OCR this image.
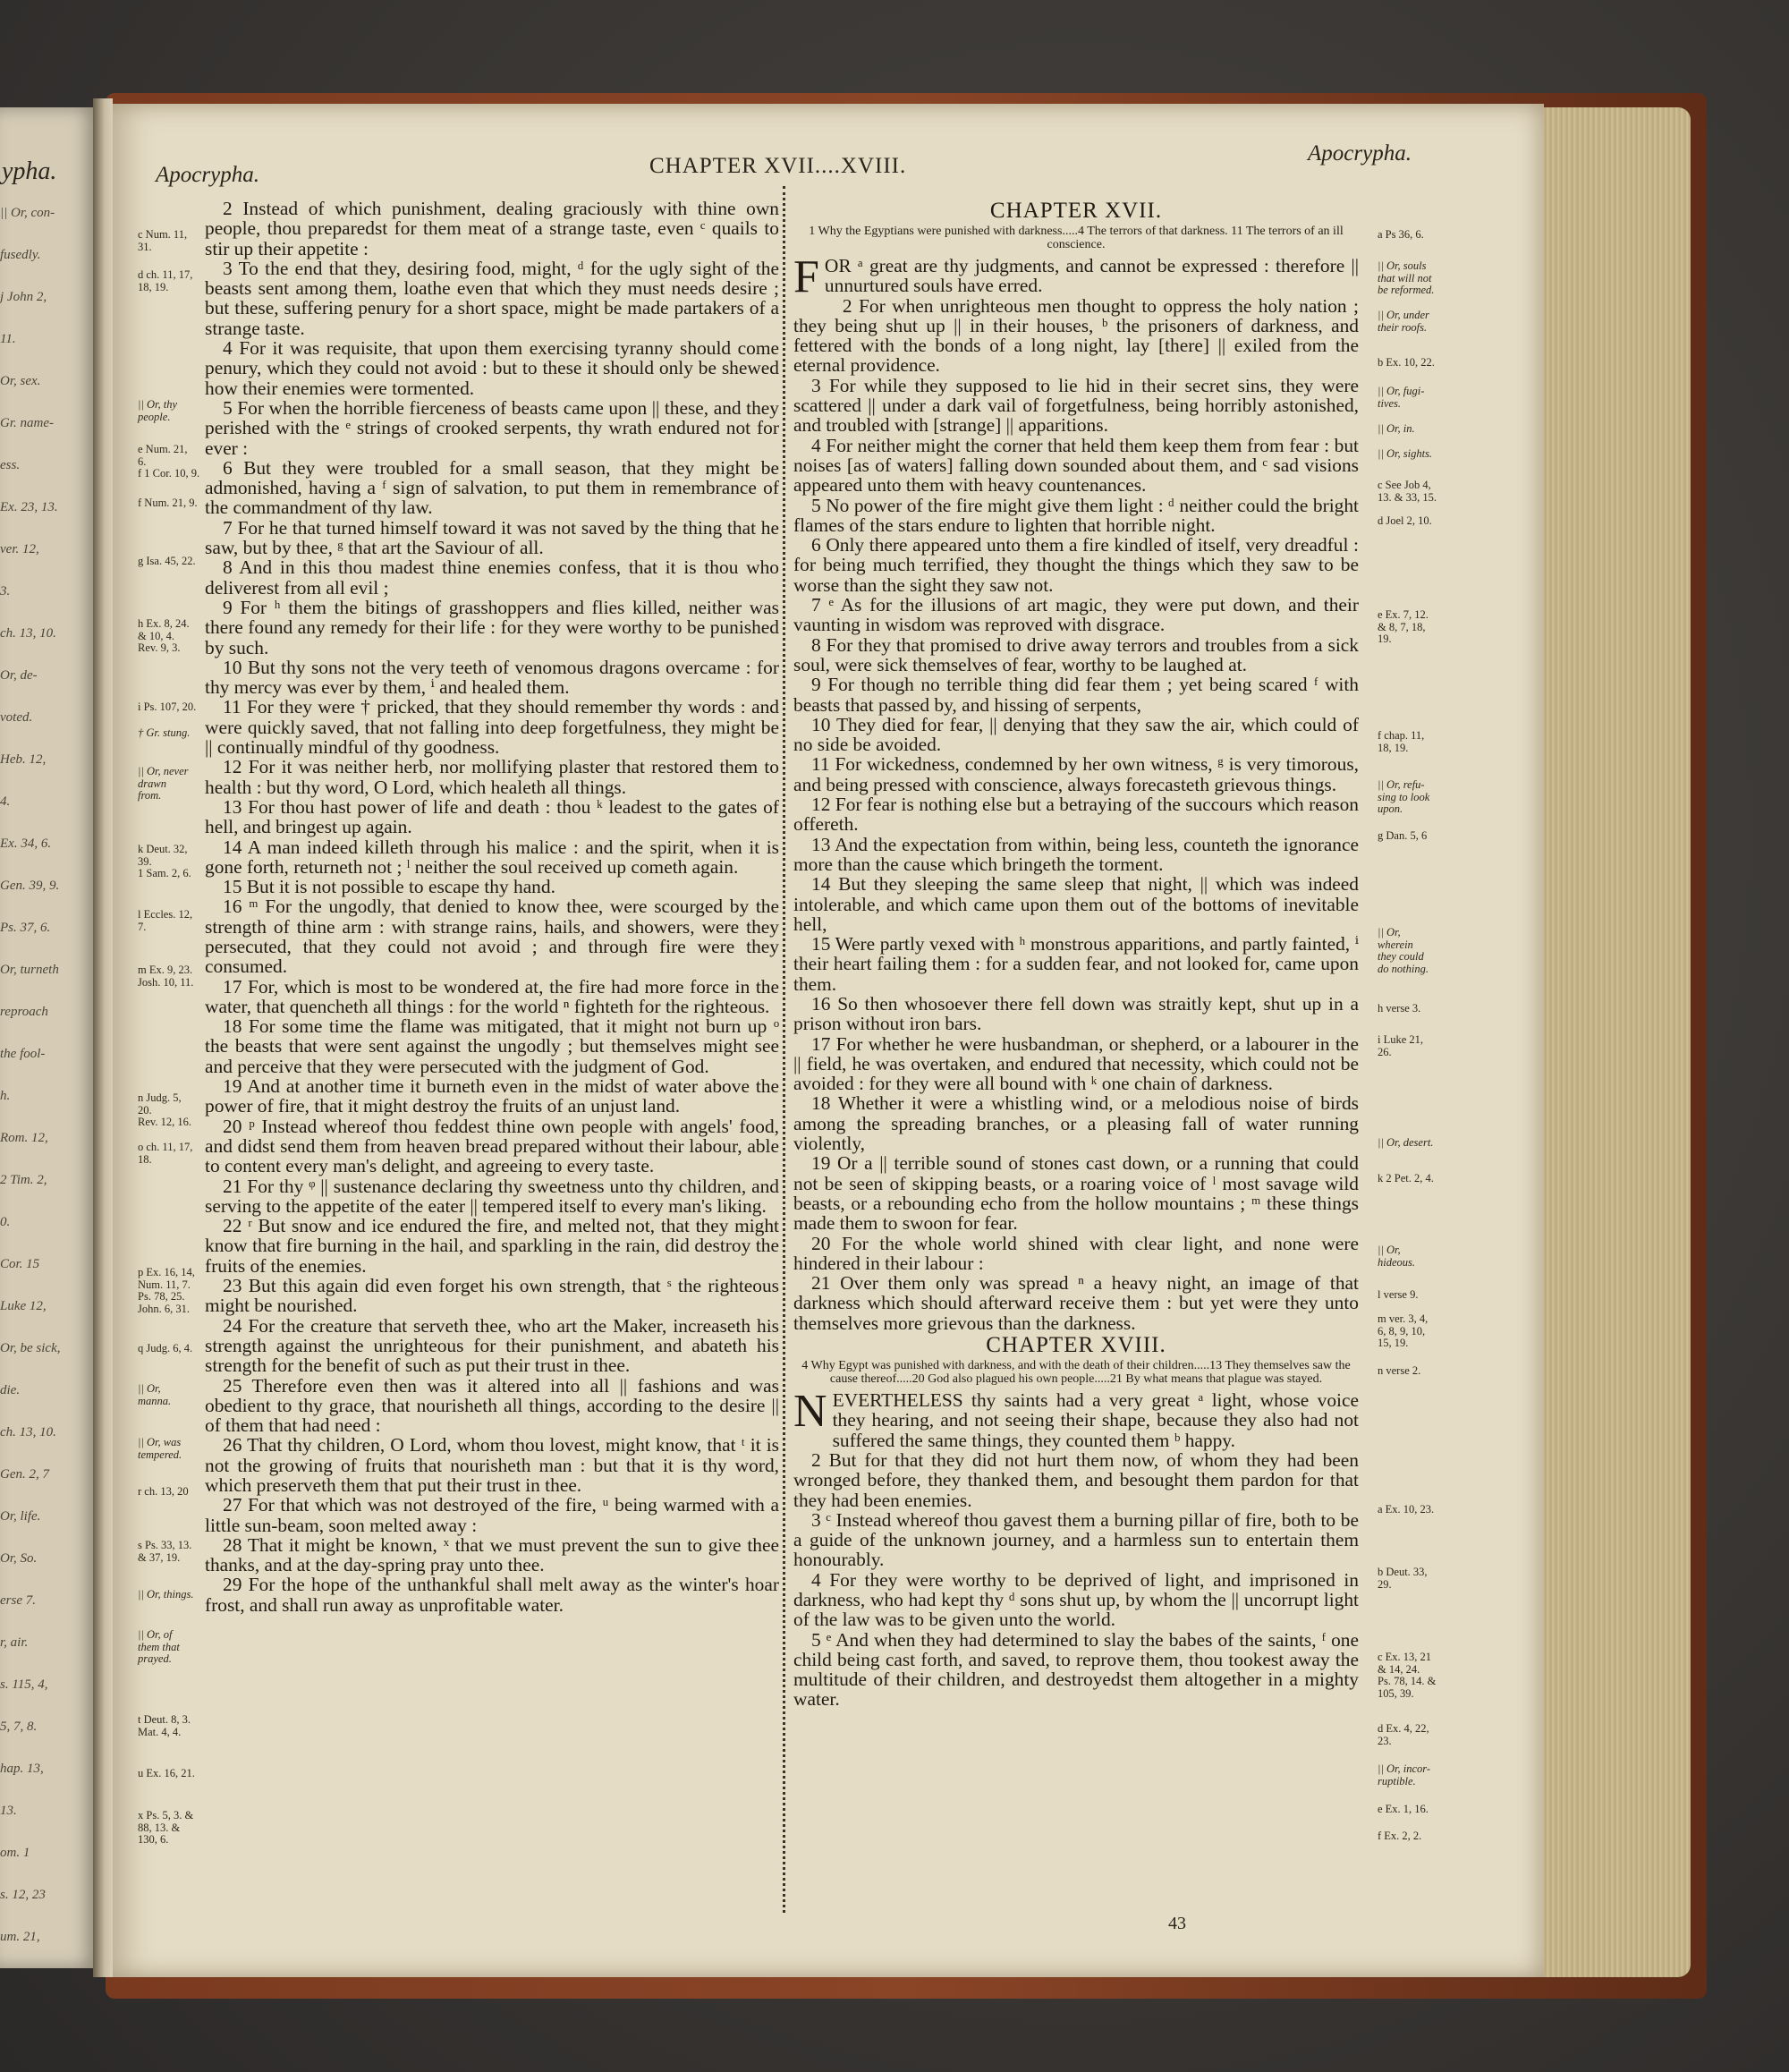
ypha.
|| Or, con-
fusedly.
j John 2,
11.
Or, sex.
Gr. name-
ess.
Ex. 23, 13.
ver. 12,
3.
ch. 13, 10.
Or, de-
voted.
Heb. 12,
4.
Ex. 34, 6.
Gen. 39, 9.
Ps. 37, 6.
Or, turneth
reproach
the fool-
h.
Rom. 12,
2 Tim. 2,
0.
Cor. 15
Luke 12,
Or, be sick,
die.
ch. 13, 10.
Gen. 2, 7
Or, life.
Or, So.
erse 7.
r, air.
s. 115, 4,
5, 7, 8.
hap. 13,
13.
om. 1
s. 12, 23
um. 21,
Apocrypha.	CHAPTER XVII....XVIII.
Apocrypha.
c Num. 11,
31.
d ch. 11, 17,
18, 19.
|| Or, thy
people.
e Num. 21,
6.
f 1 Cor. 10, 9.
f Num. 21, 9.
g Isa. 45, 22.
h Ex. 8, 24.
& 10, 4.
Rev. 9, 3.
i Ps. 107, 20.
† Gr. stung.
|| Or, never
drawn
from.
k Deut. 32,
39.
1 Sam. 2, 6.
l Eccles. 12,
7.
m Ex. 9, 23.
Josh. 10, 11.
n Judg. 5,
20.
Rev. 12, 16.
o ch. 11, 17,
18.
p Ex. 16, 14,
Num. 11, 7.
Ps. 78, 25.
John. 6, 31.
q Judg. 6, 4.
|| Or,
manna.
|| Or, was
tempered.
r ch. 13, 20
s Ps. 33, 13.
& 37, 19.
|| Or, things.
|| Or, of
them that
prayed.
t Deut. 8, 3.
Mat. 4, 4.
u Ex. 16, 21.
x Ps. 5, 3. &
88, 13. &
130, 6.

2 Instead of which punishment, dealing graciously with thine own people, thou preparedst for them meat of a strange taste, even ᶜ quails to stir up their appetite :

3 To the end that they, desiring food, might, ᵈ for the ugly sight of the beasts sent among them, loathe even that which they must needs desire ; but these, suffering penury for a short space, might be made partakers of a strange taste.

4 For it was requisite, that upon them exercising tyranny should come penury, which they could not avoid : but to these it should only be shewed how their enemies were tormented.

5 For when the horrible fierceness of beasts came upon || these, and they perished with the ᵉ strings of crooked serpents, thy wrath endured not for ever :

6 But they were troubled for a small season, that they might be admonished, having a ᶠ sign of salvation, to put them in remembrance of the commandment of thy law.

7 For he that turned himself toward it was not saved by the thing that he saw, but by thee, ᵍ that art the Saviour of all.

8 And in this thou madest thine enemies confess, that it is thou who deliverest from all evil ;

9 For ʰ them the bitings of grasshoppers and flies killed, neither was there found any remedy for their life : for they were worthy to be punished by such.

10 But thy sons not the very teeth of venomous dragons overcame : for thy mercy was ever by them, ⁱ and healed them.

11 For they were † pricked, that they should remember thy words : and were quickly saved, that not falling into deep forgetfulness, they might be || continually mindful of thy goodness.

12 For it was neither herb, nor mollifying plaster that restored them to health : but thy word, O Lord, which healeth all things.

13 For thou hast power of life and death : thou ᵏ leadest to the gates of hell, and bringest up again.

14 A man indeed killeth through his malice : and the spirit, when it is gone forth, returneth not ; ˡ neither the soul received up cometh again.

15 But it is not possible to escape thy hand.

16 ᵐ For the ungodly, that denied to know thee, were scourged by the strength of thine arm : with strange rains, hails, and showers, were they persecuted, that they could not avoid ; and through fire were they consumed.

17 For, which is most to be wondered at, the fire had more force in the water, that quencheth all things : for the world ⁿ fighteth for the righteous.

18 For some time the flame was mitigated, that it might not burn up ᵒ the beasts that were sent against the ungodly ; but themselves might see and perceive that they were persecuted with the judgment of God.

19 And at another time it burneth even in the midst of water above the power of fire, that it might destroy the fruits of an unjust land.

20 ᵖ Instead whereof thou feddest thine own people with angels' food, and didst send them from heaven bread prepared without their labour, able to content every man's delight, and agreeing to every taste.

21 For thy ᵠ || sustenance declaring thy sweetness unto thy children, and serving to the appetite of the eater || tempered itself to every man's liking.

22 ʳ But snow and ice endured the fire, and melted not, that they might know that fire burning in the hail, and sparkling in the rain, did destroy the fruits of the enemies.

23 But this again did even forget his own strength, that ˢ the righteous might be nourished.

24 For the creature that serveth thee, who art the Maker, increaseth his strength against the unrighteous for their punishment, and abateth his strength for the benefit of such as put their trust in thee.

25 Therefore even then was it altered into all || fashions and was obedient to thy grace, that nourisheth all things, according to the desire || of them that had need :

26 That thy children, O Lord, whom thou lovest, might know, that ᵗ it is not the growing of fruits that nourisheth man : but that it is thy word, which preserveth them that put their trust in thee.

27 For that which was not destroyed of the fire, ᵘ being warmed with a little sun-beam, soon melted away :

28 That it might be known, ˣ that we must prevent the sun to give thee thanks, and at the day-spring pray unto thee.

29 For the hope of the unthankful shall melt away as the winter's hoar frost, and shall run away as unprofitable water.

CHAPTER XVII.
1 Why the Egyptians were punished with darkness.....4 The terrors of that darkness. 11 The terrors of an ill conscience.

FOR ᵃ great are thy judgments, and cannot be expressed : therefore || unnurtured souls have erred.

2 For when unrighteous men thought to oppress the holy nation ; they being shut up || in their houses, ᵇ the prisoners of darkness, and fettered with the bonds of a long night, lay [there] || exiled from the eternal providence.

3 For while they supposed to lie hid in their secret sins, they were scattered || under a dark vail of forgetfulness, being horribly astonished, and troubled with [strange] || apparitions.

4 For neither might the corner that held them keep them from fear : but noises [as of waters] falling down sounded about them, and ᶜ sad visions appeared unto them with heavy countenances.

5 No power of the fire might give them light : ᵈ neither could the bright flames of the stars endure to lighten that horrible night.

6 Only there appeared unto them a fire kindled of itself, very dreadful : for being much terrified, they thought the things which they saw to be worse than the sight they saw not.

7 ᵉ As for the illusions of art magic, they were put down, and their vaunting in wisdom was reproved with disgrace.

8 For they that promised to drive away terrors and troubles from a sick soul, were sick themselves of fear, worthy to be laughed at.

9 For though no terrible thing did fear them ; yet being scared ᶠ with beasts that passed by, and hissing of serpents,

10 They died for fear, || denying that they saw the air, which could of no side be avoided.

11 For wickedness, condemned by her own witness, ᵍ is very timorous, and being pressed with conscience, always forecasteth grievous things.

12 For fear is nothing else but a betraying of the succours which reason offereth.

13 And the expectation from within, being less, counteth the ignorance more than the cause which bringeth the torment.

14 But they sleeping the same sleep that night, || which was indeed intolerable, and which came upon them out of the bottoms of inevitable hell,

15 Were partly vexed with ʰ monstrous apparitions, and partly fainted, ⁱ their heart failing them : for a sudden fear, and not looked for, came upon them.

16 So then whosoever there fell down was straitly kept, shut up in a prison without iron bars.

17 For whether he were husbandman, or shepherd, or a labourer in the || field, he was overtaken, and endured that necessity, which could not be avoided : for they were all bound with ᵏ one chain of darkness.

18 Whether it were a whistling wind, or a melodious noise of birds among the spreading branches, or a pleasing fall of water running violently,

19 Or a || terrible sound of stones cast down, or a running that could not be seen of skipping beasts, or a roaring voice of ˡ most savage wild beasts, or a rebounding echo from the hollow mountains ; ᵐ these things made them to swoon for fear.

20 For the whole world shined with clear light, and none were hindered in their labour :

21 Over them only was spread ⁿ a heavy night, an image of that darkness which should afterward receive them : but yet were they unto themselves more grievous than the darkness.

CHAPTER XVIII.
4 Why Egypt was punished with darkness, and with the death of their children.....13 They themselves saw the cause thereof.....20 God also plagued his own people.....21 By what means that plague was stayed.

NEVERTHELESS thy saints had a very great ᵃ light, whose voice they hearing, and not seeing their shape, because they also had not suffered the same things, they counted them ᵇ happy.

2 But for that they did not hurt them now, of whom they had been wronged before, they thanked them, and besought them pardon for that they had been enemies.

3 ᶜ Instead whereof thou gavest them a burning pillar of fire, both to be a guide of the unknown journey, and a harmless sun to entertain them honourably.

4 For they were worthy to be deprived of light, and imprisoned in darkness, who had kept thy ᵈ sons shut up, by whom the || uncorrupt light of the law was to be given unto the world.

5 ᵉ And when they had determined to slay the babes of the saints, ᶠ one child being cast forth, and saved, to reprove them, thou tookest away the multitude of their children, and destroyedst them altogether in a mighty water.

a Ps 36, 6.
|| Or, souls
that will not
be reformed.
|| Or, under
their roofs.
b Ex. 10, 22.
|| Or, fugi-
tives.
|| Or, in.
|| Or, sights.
c See Job 4,
13. & 33, 15.
d Joel 2, 10.
e Ex. 7, 12.
& 8, 7, 18,
19.
f chap. 11,
18, 19.
|| Or, refu-
sing to look
upon.
g Dan. 5, 6
|| Or,
wherein
they could
do nothing.
h verse 3.
i Luke 21,
26.
|| Or, desert.
k 2 Pet. 2, 4.
|| Or,
hideous.
l verse 9.
m ver. 3, 4,
6, 8, 9, 10,
15, 19.
n verse 2.
a Ex. 10, 23.
b Deut. 33,
29.
c Ex. 13, 21
& 14, 24.
Ps. 78, 14. &
105, 39.
d Ex. 4, 22,
23.
|| Or, incor-
ruptible.
e Ex. 1, 16.
f Ex. 2, 2.
43
